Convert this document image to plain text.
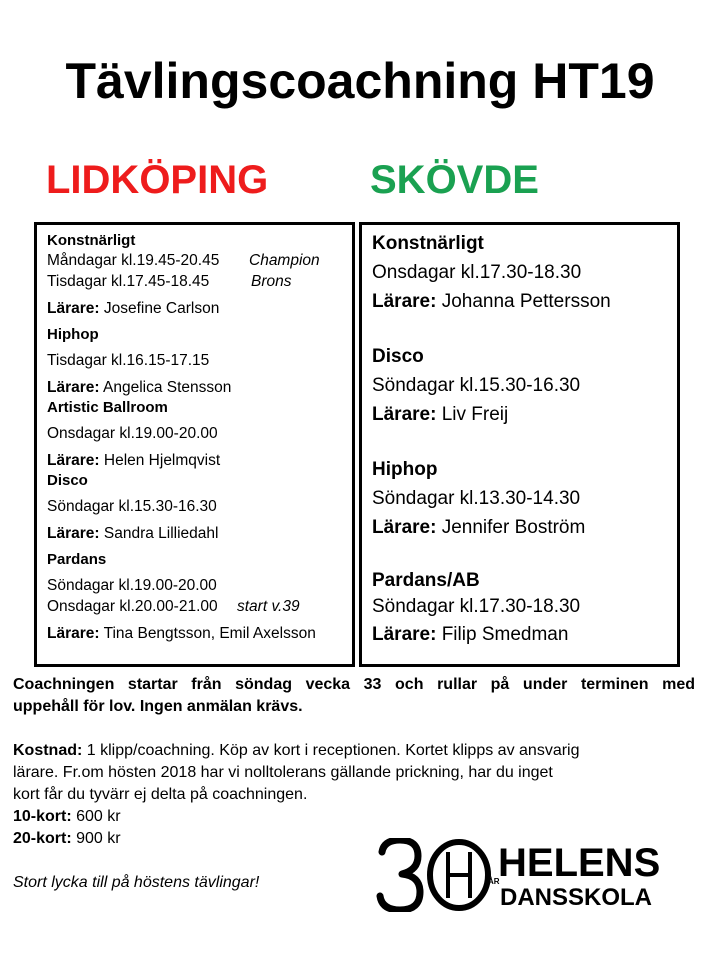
Tävlingscoachning HT19
LIDKÖPING	SKÖVDE
Konstnärligt
Måndagar kl.19.45-20.45 Champion
Tisdagar kl.17.45-18.45	Brons
Lärare: Josefine Carlson
Hiphop
Tisdagar kl.16.15-17.15
Lärare: Angelica Stensson
Artistic Ballroom
Onsdagar kl.19.00-20.00
Lärare: Helen Hjelmqvist
Disco
Söndagar kl.15.30-16.30
Lärare: Sandra Lilliedahl
Pardans
Söndagar kl.19.00-20.00
Onsdagar kl.20.00-21.00 start v.39
Lärare: Tina Bengtsson, Emil Axelsson
Konstnärligt
Onsdagar kl.17.30-18.30
Lärare: Johanna Pettersson
Disco
Söndagar kl.15.30-16.30
Lärare: Liv Freij
Hiphop
Söndagar kl.13.30-14.30
Lärare: Jennifer Boström
Pardans/AB
Söndagar kl.17.30-18.30
Lärare: Filip Smedman

Coachningen startar från söndag vecka 33 och rullar på under terminen med

uppehåll för lov. Ingen anmälan krävs.

Kostnad: 1 klipp/coachning. Köp av kort i receptionen. Kortet klipps av ansvarig

lärare. Fr.om hösten 2018 har vi nolltolerans gällande prickning, har du inget

kort får du tyvärr ej delta på coachningen.

10-kort: 600 kr

20-kort: 900 kr

Stort lycka till på höstens tävlingar!	ÅR
HELENS
DANSSKOLA
